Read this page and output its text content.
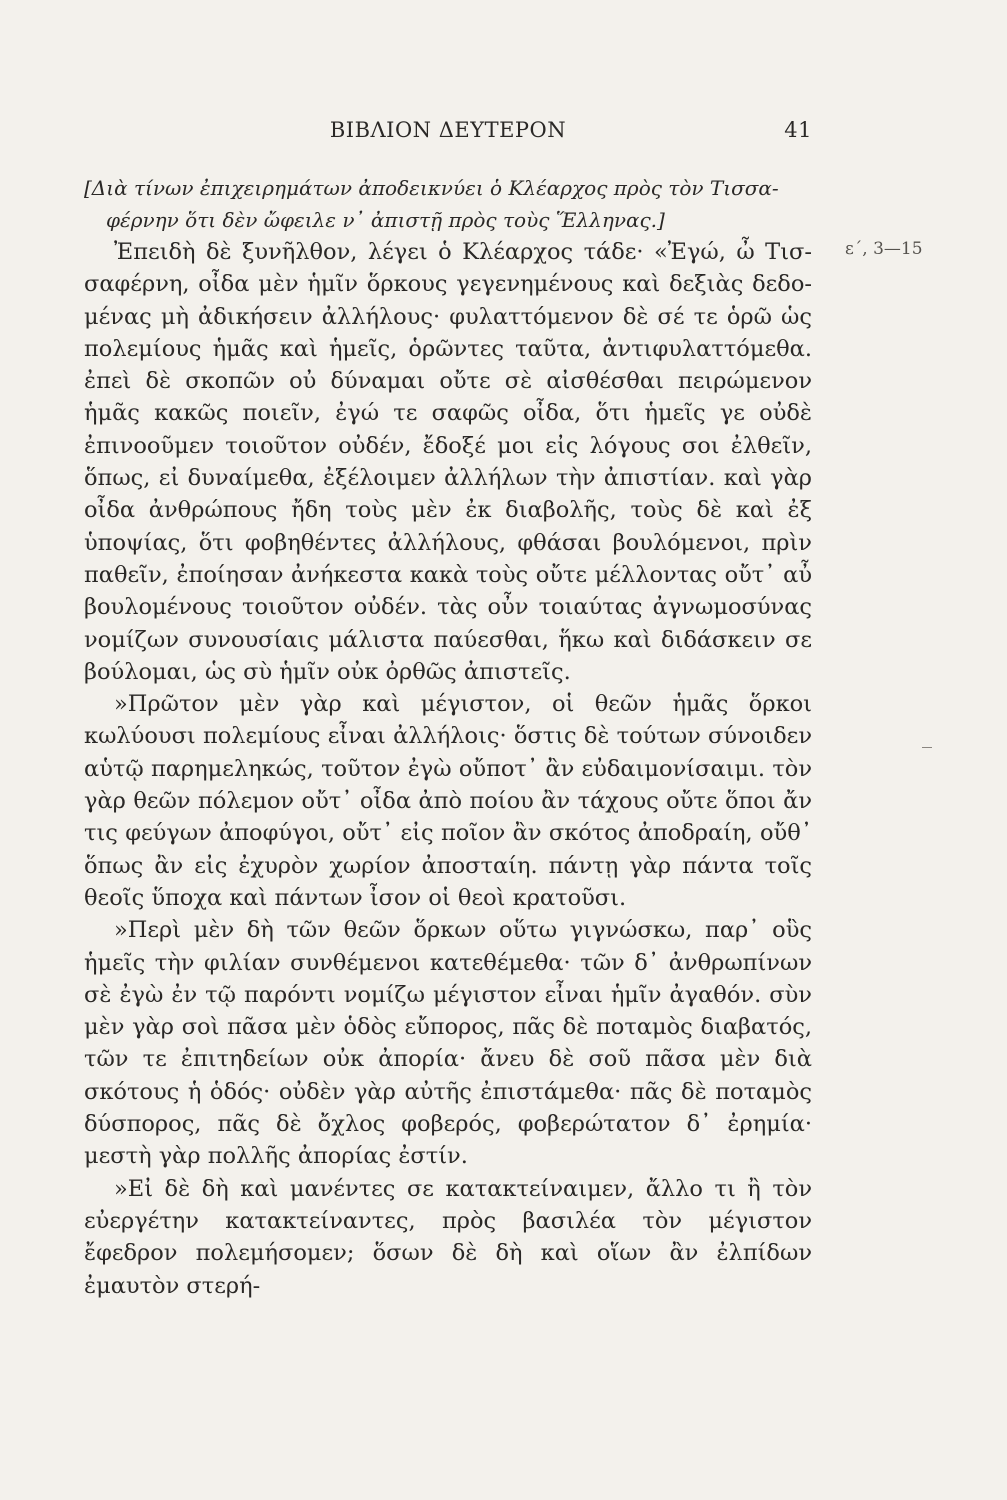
ΒΙΒΛΙΟΝ ΔΕΥΤΕΡΟΝ	41
[Διὰ τίνων ἐπιχειρημάτων ἀποδεικνύει ὁ Κλέαρχος πρὸς τὸν Τισσα-
φέρνην ὅτι δὲν ὤφειλε ν᾽ ἀπιστῇ πρὸς τοὺς Ἕλληνας.]
ε΄, 3—15

Ἐπειδὴ δὲ ξυνῆλθον, λέγει ὁ Κλέαρχος τάδε· «Ἐγώ, ὦ Τισσαφέρνη, οἶδα μὲν ἡμῖν ὅρκους γεγενημένους καὶ δεξιὰς δεδομένας μὴ ἀδικήσειν ἀλλήλους· φυλαττόμενον δὲ σέ τε ὁρῶ ὡς πολεμίους ἡμᾶς καὶ ἡμεῖς, ὁρῶντες ταῦτα, ἀντιφυλαττόμεθα. ἐπεὶ δὲ σκοπῶν οὐ δύναμαι οὔτε σὲ αἰσθέσθαι πειρώμενον ἡμᾶς κακῶς ποιεῖν, ἐγώ τε σαφῶς οἶδα, ὅτι ἡμεῖς γε οὐδὲ ἐπινοοῦμεν τοιοῦτον οὐδέν, ἔδοξέ μοι εἰς λόγους σοι ἐλθεῖν, ὅπως, εἰ δυναίμεθα, ἐξέλοιμεν ἀλλήλων τὴν ἀπιστίαν. καὶ γὰρ οἶδα ἀνθρώπους ἤδη τοὺς μὲν ἐκ διαβολῆς, τοὺς δὲ καὶ ἐξ ὑποψίας, ὅτι φοβηθέντες ἀλλήλους, φθάσαι βουλόμενοι, πρὶν παθεῖν, ἐποίησαν ἀνήκεστα κακὰ τοὺς οὔτε μέλλοντας οὔτ᾽ αὖ βουλομένους τοιοῦτον οὐδέν. τὰς οὖν τοιαύτας ἀγνωμοσύνας νομίζων συνουσίαις μάλιστα παύεσθαι, ἥκω καὶ διδάσκειν σε βούλομαι, ὡς σὺ ἡμῖν οὐκ ὀρθῶς ἀπιστεῖς.

»Πρῶτον μὲν γὰρ καὶ μέγιστον, οἱ θεῶν ἡμᾶς ὅρκοι κωλύουσι πολεμίους εἶναι ἀλλήλοις· ὅστις δὲ τούτων σύνοιδεν αὑτῷ παρημεληκώς, τοῦτον ἐγὼ οὔποτ᾽ ἂν εὐδαιμονίσαιμι. τὸν γὰρ θεῶν πόλεμον οὔτ᾽ οἶδα ἀπὸ ποίου ἂν τάχους οὔτε ὅποι ἄν τις φεύγων ἀποφύγοι, οὔτ᾽ εἰς ποῖον ἂν σκότος ἀποδραίη, οὔθ᾽ ὅπως ἂν εἰς ἐχυρὸν χωρίον ἀποσταίη. πάντῃ γὰρ πάντα τοῖς θεοῖς ὕποχα καὶ πάντων ἶσον οἱ θεοὶ κρατοῦσι.

»Περὶ μὲν δὴ τῶν θεῶν ὅρκων οὕτω γιγνώσκω, παρ᾽ οὓς ἡμεῖς τὴν φιλίαν συνθέμενοι κατεθέμεθα· τῶν δ᾽ ἀνθρωπίνων σὲ ἐγὼ ἐν τῷ παρόντι νομίζω μέγιστον εἶναι ἡμῖν ἀγαθόν. σὺν μὲν γὰρ σοὶ πᾶσα μὲν ὁδὸς εὔπορος, πᾶς δὲ ποταμὸς διαβατός, τῶν τε ἐπιτηδείων οὐκ ἀπορία· ἄνευ δὲ σοῦ πᾶσα μὲν διὰ σκότους ἡ ὁδός· οὐδὲν γὰρ αὐτῆς ἐπιστάμεθα· πᾶς δὲ ποταμὸς δύσπορος, πᾶς δὲ ὄχλος φοβερός, φοβερώτατον δ᾽ ἐρημία· μεστὴ γὰρ πολλῆς ἀπορίας ἐστίν.

»Εἰ δὲ δὴ καὶ μανέντες σε κατακτείναιμεν, ἄλλο τι ἢ τὸν εὐεργέτην κατακτείναντες, πρὸς βασιλέα τὸν μέγιστον ἔφεδρον πολεμήσομεν; ὅσων δὲ δὴ καὶ οἵων ἂν ἐλπίδων ἐμαυτὸν στερή-
